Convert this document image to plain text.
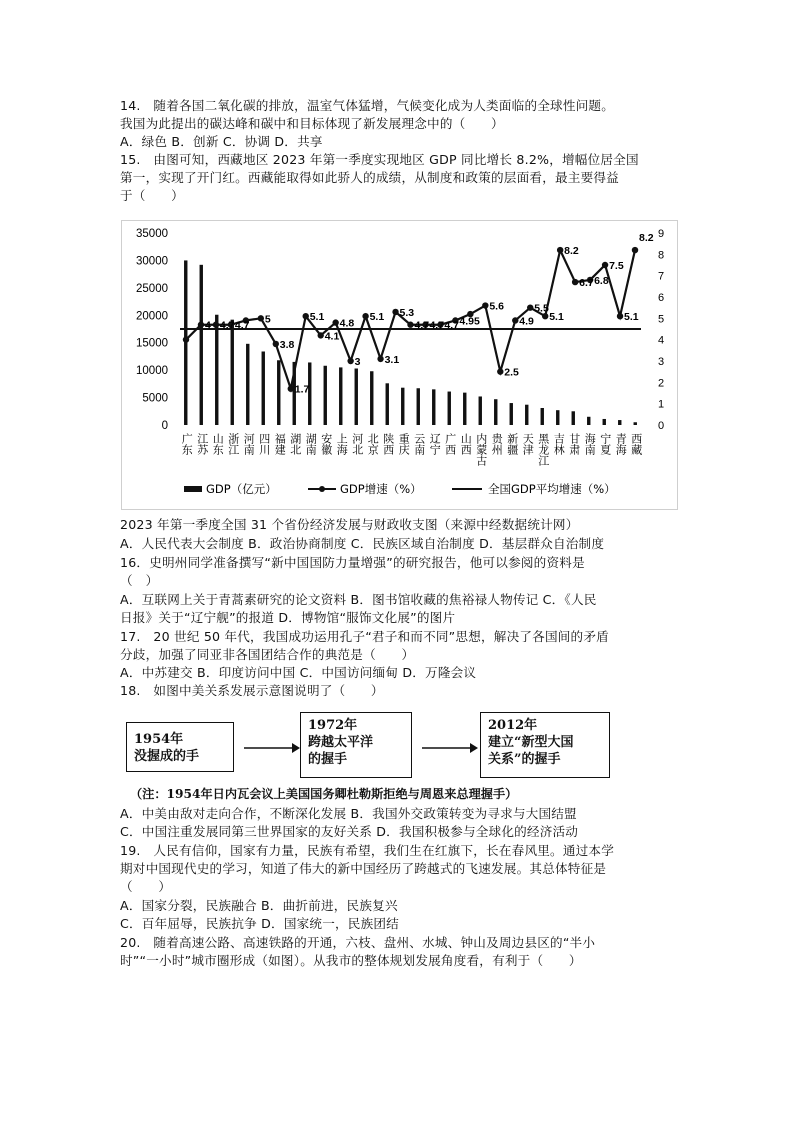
14.　随着各国二氧化碳的排放，温室气体猛增，气候变化成为人类面临的全球性问题。
我国为此提出的碳达峰和碳中和目标体现了新发展理念中的（　　）
A．绿色 B．创新 C．协调 D．共享
15.　由图可知，西藏地区 2023 年第一季度实现地区 GDP 同比增长 8.2%，增幅位居全国
第一，实现了开门红。西藏能取得如此骄人的成绩，从制度和政策的层面看，最主要得益
于（　　）
0
5000
10000
15000
20000
25000
30000
35000
0
1
2
3
4
5
6
7
8
9
4 4.7 4.7
5
3.8
1.7
5.1
4.1
4.8
3
5.1
3.1
5.3
4.7 4.7 4.7 4.95
5.6
2.5
4.9
5.5
5.1
8.2
6.7 6.8
7.5
5.1
8.2
广东 江苏 山东 浙江 河南 四川 福建 湖北 湖南 安徽 上海 河北 北京 陕西 重庆 云南 辽宁 广西 山西 内蒙古 贵州 新疆 天津 黑龙江 吉林 甘肃 海南 宁夏 青海 西藏
GDP（亿元）	GDP增速（%）	全国GDP平均增速（%）
2023 年第一季度全国 31 个省份经济发展与财政收支图（来源中经数据统计网）
A．人民代表大会制度 B．政治协商制度 C．民族区域自治制度 D．基层群众自治制度
16．史明州同学准备撰写“新中国国防力量增强”的研究报告，他可以参阅的资料是
（　）
A．互联网上关于青蒿素研究的论文资料 B．图书馆收藏的焦裕禄人物传记 C．《人民
日报》关于“辽宁舰”的报道 D．博物馆“服饰文化展”的图片
17.　20 世纪 50 年代，我国成功运用孔子“君子和而不同”思想，解决了各国间的矛盾
分歧，加强了同亚非各国团结合作的典范是（　　）
A．中苏建交 B．印度访问中国 C．中国访问缅甸 D．万隆会议
18.　如图中美关系发展示意图说明了（　　）
1954年
没握成的手
1972年
跨越太平洋
的握手
2012年
建立“新型大国
关系”的握手
（注：1954年日内瓦会议上美国国务卿杜勒斯拒绝与周恩来总理握手）
A．中美由敌对走向合作，不断深化发展 B．我国外交政策转变为寻求与大国结盟
C．中国注重发展同第三世界国家的友好关系 D．我国积极参与全球化的经济活动
19.　人民有信仰，国家有力量，民族有希望，我们生在红旗下，长在春风里。通过本学
期对中国现代史的学习，知道了伟大的新中国经历了跨越式的飞速发展。其总体特征是
（　　）
A．国家分裂，民族融合 B．曲折前进，民族复兴
C．百年屈辱，民族抗争 D．国家统一，民族团结
20.　随着高速公路、高速铁路的开通，六枝、盘州、水城、钟山及周边县区的“半小
时”“一小时”城市圈形成（如图）。从我市的整体规划发展角度看，有利于（　　）
